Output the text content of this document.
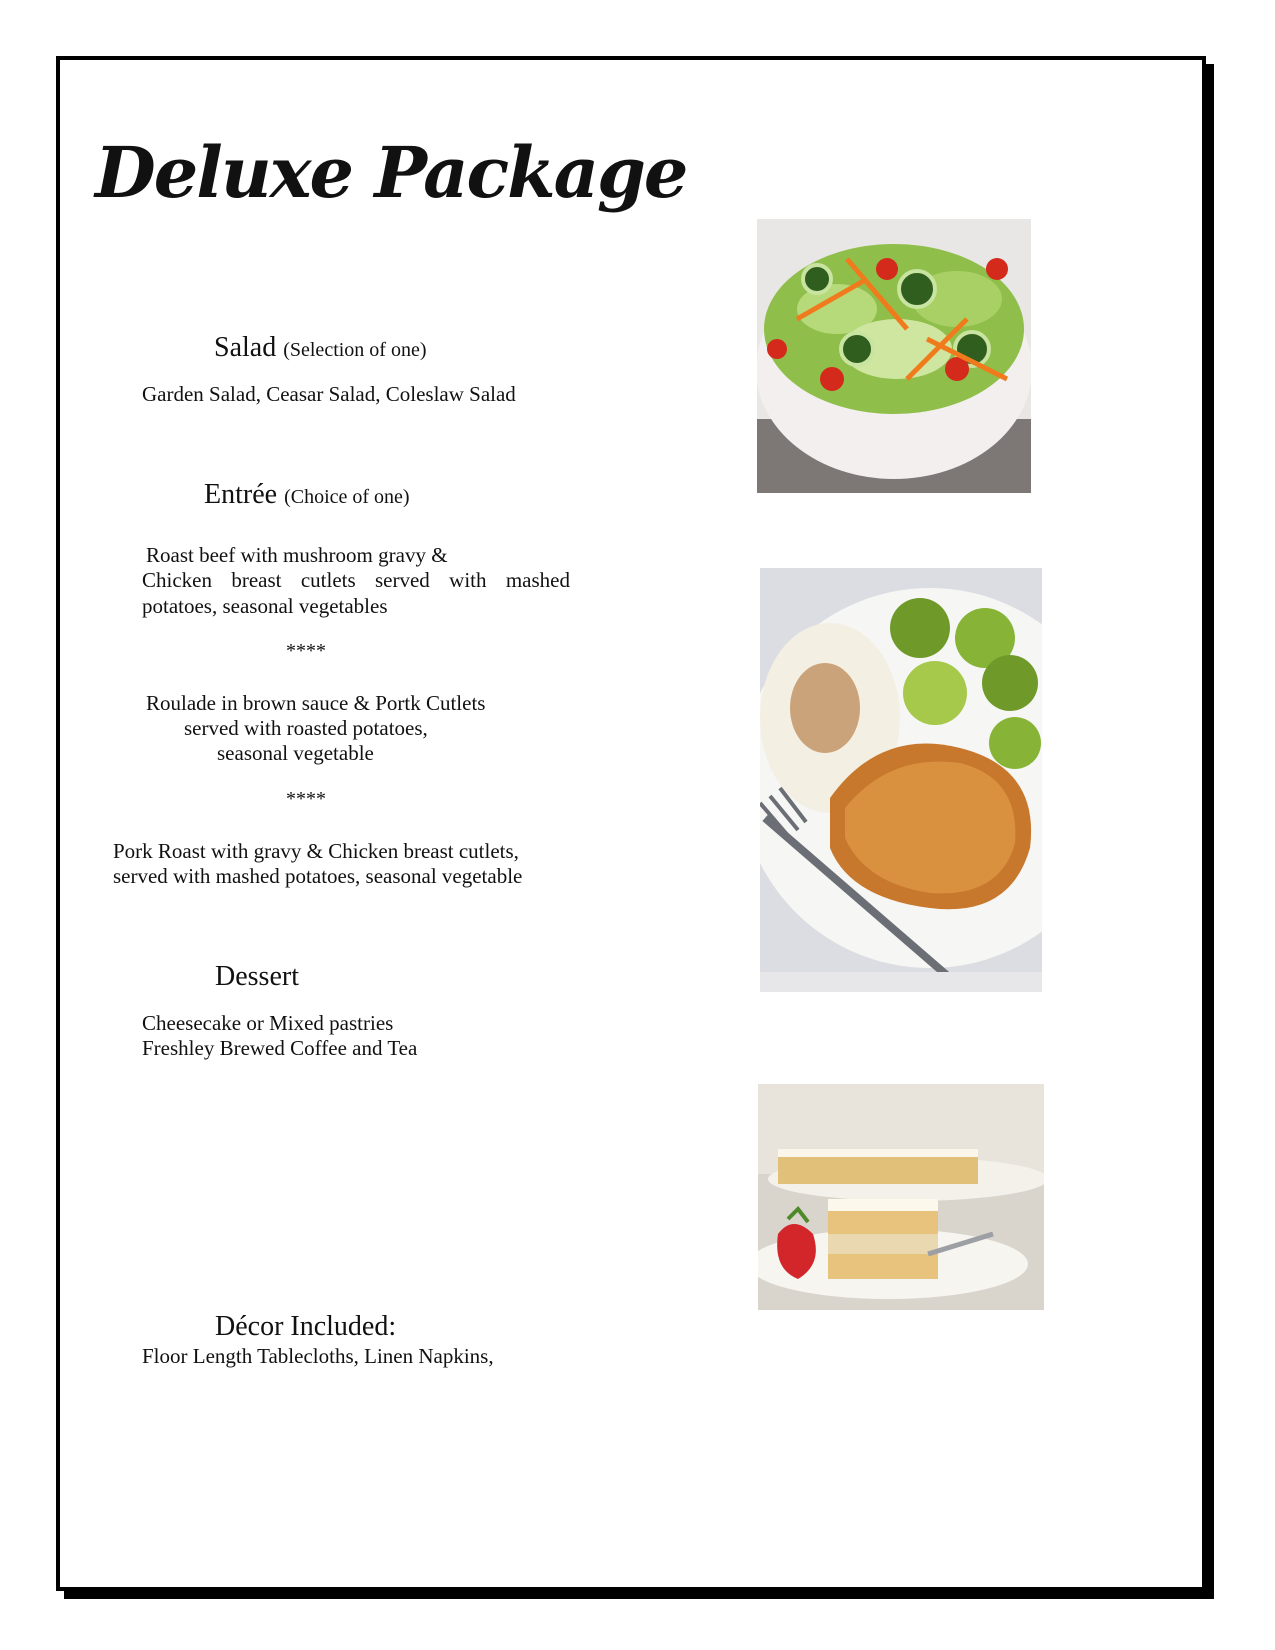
Deluxe Package
Salad (Selection of one)

Garden Salad, Ceasar Salad, Coleslaw Salad

Entrée (Choice of one)

Roast beef with mushroom gravy &

Chicken breast cutlets served with mashed potatoes, seasonal vegetables

****

Roulade in brown sauce & Portk Cutlets

served with roasted potatoes,

seasonal vegetable

****

Pork Roast with gravy & Chicken breast cutlets,

served with mashed potatoes, seasonal vegetable

Dessert

Cheesecake or Mixed pastries

Freshley Brewed Coffee and Tea

Décor Included:

Floor Length Tablecloths, Linen Napkins,
